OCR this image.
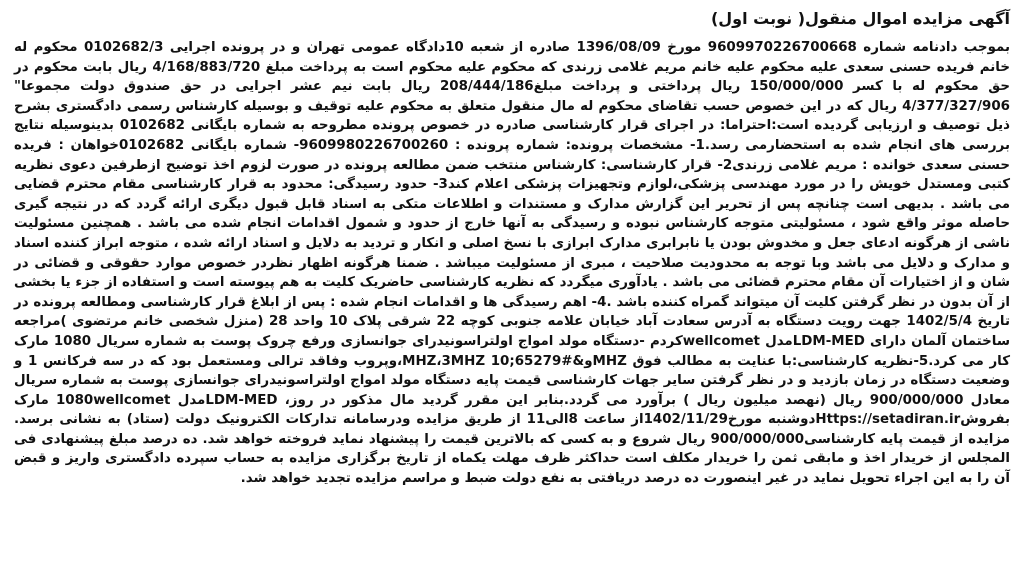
آگهی مزایده اموال منقول( نوبت اول)

بموجب دادنامه شماره 9609970226700668 مورخ 1396/08/09 صادره از شعبه 10دادگاه عمومی تهران و در پرونده اجرایی 0102682/3 محکوم له خانم فریده حسنی سعدی علیه محکوم علیه خانم مریم غلامی زرندی که محکوم علیه محکوم است به پرداخت مبلغ 4/168/883/720 ریال بابت محکوم در حق محکوم له با کسر 150/000/000 ریال پرداختی و پرداخت مبلغ208/444/186 ریال بابت نیم عشر اجرایی در حق صندوق دولت مجموعا" 4/377/327/906 ریال که در این خصوص حسب تقاضای محکوم له مال منقول متعلق به محکوم علیه توقیف و بوسیله کارشناس رسمی دادگستری بشرح ذیل توصیف و ارزیابی گردیده است:احتراما: در اجرای قرار کارشناسی صادره در خصوص پرونده مطروحه به شماره بایگانی 0102682 بدینوسیله نتایج بررسی های انجام شده به استحضارمی رسد.1- مشخصات پرونده: شماره پرونده : 9609980226700260- شماره بایگانی 0102682خواهان : فریده حسنی سعدی خوانده : مریم غلامی زرندی2- قرار کارشناسی: کارشناس منتخب ضمن مطالعه پرونده در صورت لزوم اخذ توضیح ازطرفین دعوی نظریه کتبی ومستدل خویش را در مورد مهندسی پزشکی،لوازم وتجهیزات پزشکی اعلام کند3- حدود رسیدگی: محدود به قرار کارشناسی مقام محترم قضایی می باشد . بدیهی است چنانچه پس از تحریر این گزارش مدارک و مستندات و اطلاعات متکی به اسناد قابل قبول دیگری ارائه گردد که در نتیجه گیری حاصله موثر واقع شود ، مسئولیتی متوجه کارشناس نبوده و رسیدگی به آنها خارج از حدود و شمول اقدامات انجام شده می باشد . همچنین مسئولیت ناشی از هرگونه ادعای جعل و مخدوش بودن یا نابرابری مدارک ابرازی با نسخ اصلی و انکار و تردید به دلایل و اسناد ارائه شده ، متوجه ابراز کننده اسناد و مدارک و دلایل می باشد وبا توجه به محدودیت صلاحیت ، مبری از مسئولیت میباشد . ضمنا هرگونه اظهار نظردر خصوص موارد حقوقی و قضائی در شان و از اختیارات آن مقام محترم قضائی می باشد . یادآوری میگردد که نظریه کارشناسی حاضریک کلیت به هم پیوسته است و استفاده از جزء یا بخشی از آن بدون در نظر گرفتن کلیت آن میتواند گمراه کننده باشد .4- اهم رسیدگی ها و اقدامات انجام شده : پس از ابلاغ قرار کارشناسی ومطالعه پرونده در تاریخ 1402/5/4 جهت رویت دستگاه به آدرس سعادت آباد خیابان علامه جنوبی کوچه 22 شرقی پلاک 10 واحد 28 (منزل شخصی خانم مرتضوی )مراجعه ساختمان آلمان دارای LDM-MEDمدل wellcometکردم -دستگاه مولد امواج اولتراسونیدرای جوانسازی ورفع چروک پوست به شماره سریال 1080 مارک کار می کرد.5-نظریه کارشناسی:با عنایت به مطالب فوق MHZو&#65279;10 MHZ،3MHZ،وپروب وفاقد ترالی ومستعمل بود که در سه فرکانس 1 و وضعیت دستگاه در زمان بازدید و در نظر گرفتن سایر جهات کارشناسی قیمت پایه دستگاه مولد امواج اولتراسونیدرای جوانسازی پوست به شماره سریال معادل 900/000/000 ریال (نهصد میلیون ریال ) برآورد می گردد.بنابر این مقرر گردید مال مذکور در روز، LDM-MEDمدل 1080wellcomet مارک بفروشHttps://setadiran.irدوشنبه مورخ1402/11/29از ساعت 8الی11 از طریق مزایده ودرسامانه تدارکات الکترونیک دولت (ستاد) به نشانی برسد. مزایده از قیمت پایه کارشناسی900/000/000 ریال شروع و به کسی که بالاترین قیمت را پیشنهاد نماید فروخته خواهد شد. ده درصد مبلغ پیشنهادی فی المجلس از خریدار اخذ و مابقی ثمن را خریدار مکلف است حداکثر ظرف مهلت یکماه از تاریخ برگزاری مزایده به حساب سپرده دادگستری واریز و قبض آن را به این اجراء تحویل نماید در غیر اینصورت ده درصد دریافتی به نفع دولت ضبط و مراسم مزایده تجدید خواهد شد.
